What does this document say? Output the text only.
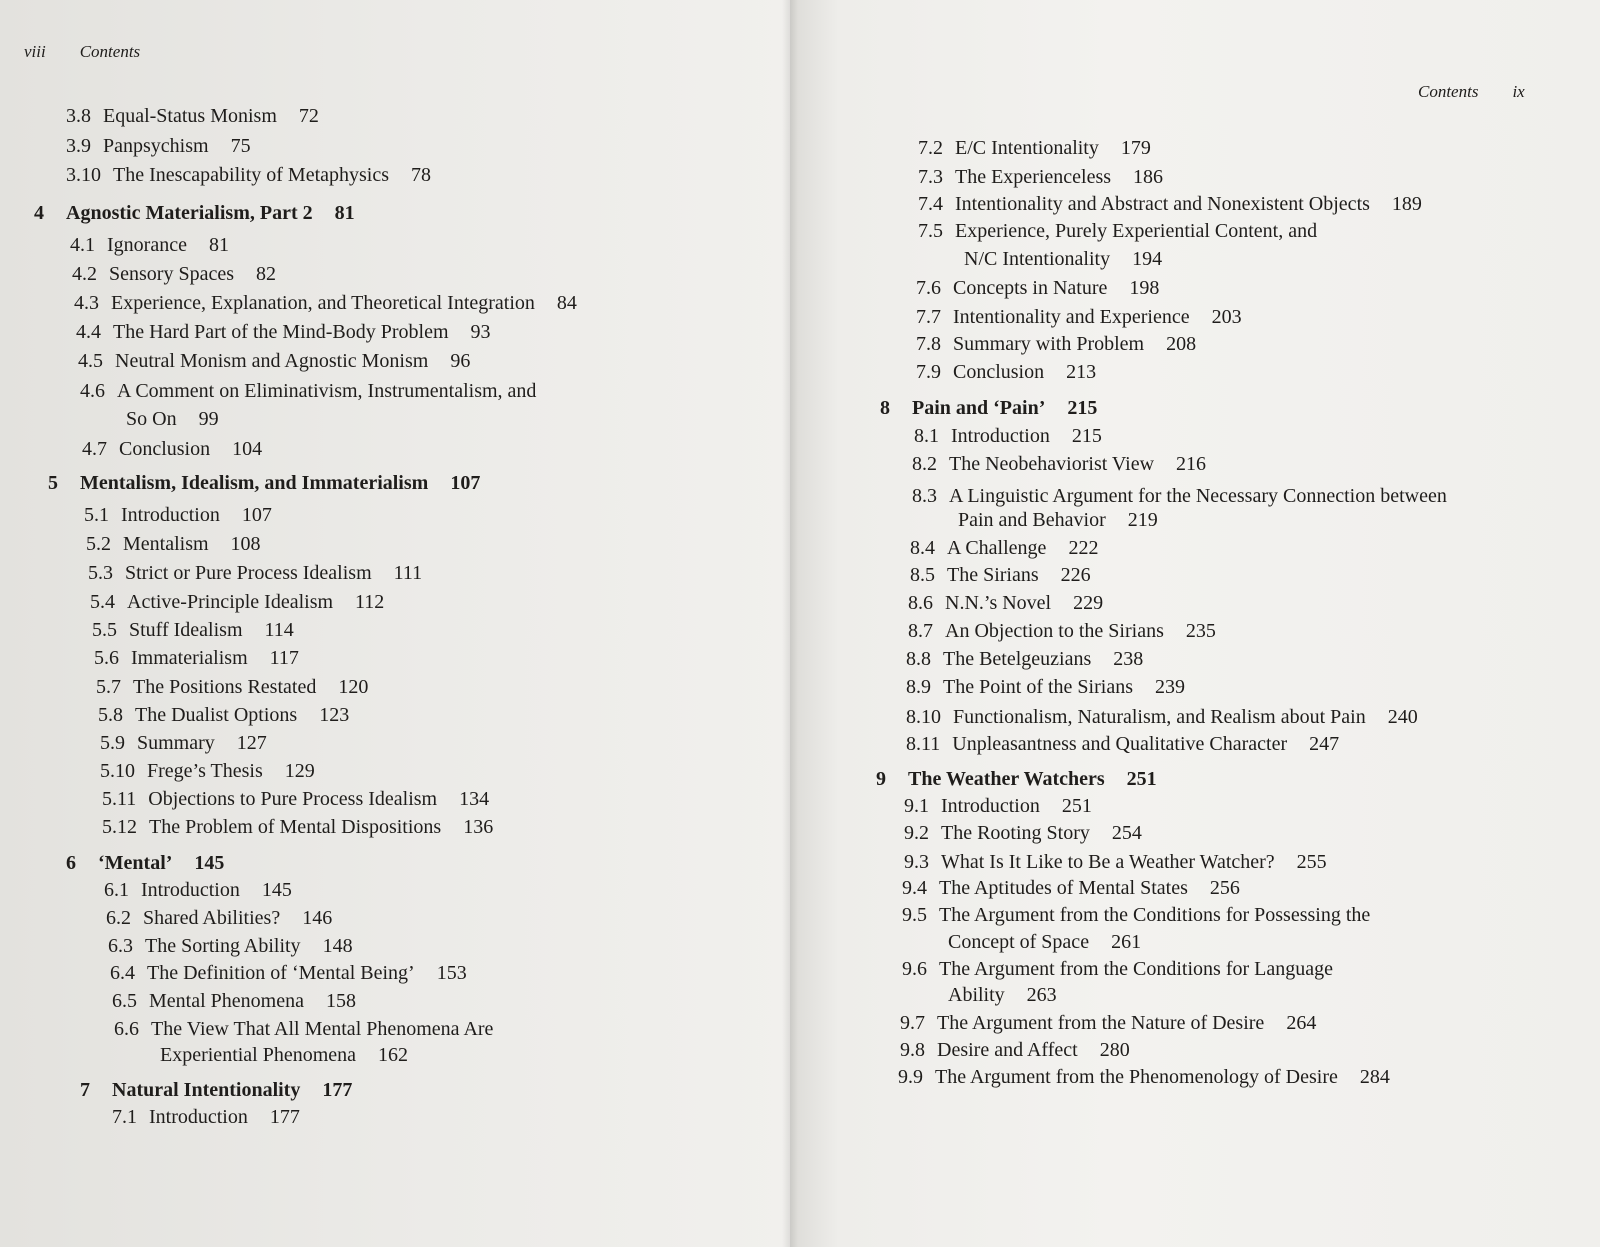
viii Contents
3.8 Equal-Status Monism 72
3.9 Panpsychism 75
3.10 The Inescapability of Metaphysics 78
4 Agnostic Materialism, Part 2 81
4.1 Ignorance 81
4.2 Sensory Spaces 82
4.3 Experience, Explanation, and Theoretical Integration 84
4.4 The Hard Part of the Mind-Body Problem 93
4.5 Neutral Monism and Agnostic Monism 96
4.6 A Comment on Eliminativism, Instrumentalism, and
So On 99
4.7 Conclusion 104
5 Mentalism, Idealism, and Immaterialism 107
5.1 Introduction 107
5.2 Mentalism 108
5.3 Strict or Pure Process Idealism 111
5.4 Active-Principle Idealism 112
5.5 Stuff Idealism 114
5.6 Immaterialism 117
5.7 The Positions Restated 120
5.8 The Dualist Options 123
5.9 Summary 127
5.10 Frege’s Thesis 129
5.11 Objections to Pure Process Idealism 134
5.12 The Problem of Mental Dispositions 136
6 ‘Mental’ 145
6.1 Introduction 145
6.2 Shared Abilities? 146
6.3 The Sorting Ability 148
6.4 The Definition of ‘Mental Being’ 153
6.5 Mental Phenomena 158
6.6 The View That All Mental Phenomena Are
Experiential Phenomena 162
7 Natural Intentionality 177
7.1 Introduction 177
Contents ix
7.2 E/C Intentionality 179
7.3 The Experienceless 186
7.4 Intentionality and Abstract and Nonexistent Objects 189
7.5 Experience, Purely Experiential Content, and
N/C Intentionality 194
7.6 Concepts in Nature 198
7.7 Intentionality and Experience 203
7.8 Summary with Problem 208
7.9 Conclusion 213
8 Pain and ‘Pain’ 215
8.1 Introduction 215
8.2 The Neobehaviorist View 216
8.3 A Linguistic Argument for the Necessary Connection between
Pain and Behavior 219
8.4 A Challenge 222
8.5 The Sirians 226
8.6 N.N.’s Novel 229
8.7 An Objection to the Sirians 235
8.8 The Betelgeuzians 238
8.9 The Point of the Sirians 239
8.10 Functionalism, Naturalism, and Realism about Pain 240
8.11 Unpleasantness and Qualitative Character 247
9 The Weather Watchers 251
9.1 Introduction 251
9.2 The Rooting Story 254
9.3 What Is It Like to Be a Weather Watcher? 255
9.4 The Aptitudes of Mental States 256
9.5 The Argument from the Conditions for Possessing the
Concept of Space 261
9.6 The Argument from the Conditions for Language
Ability 263
9.7 The Argument from the Nature of Desire 264
9.8 Desire and Affect 280
9.9 The Argument from the Phenomenology of Desire 284
